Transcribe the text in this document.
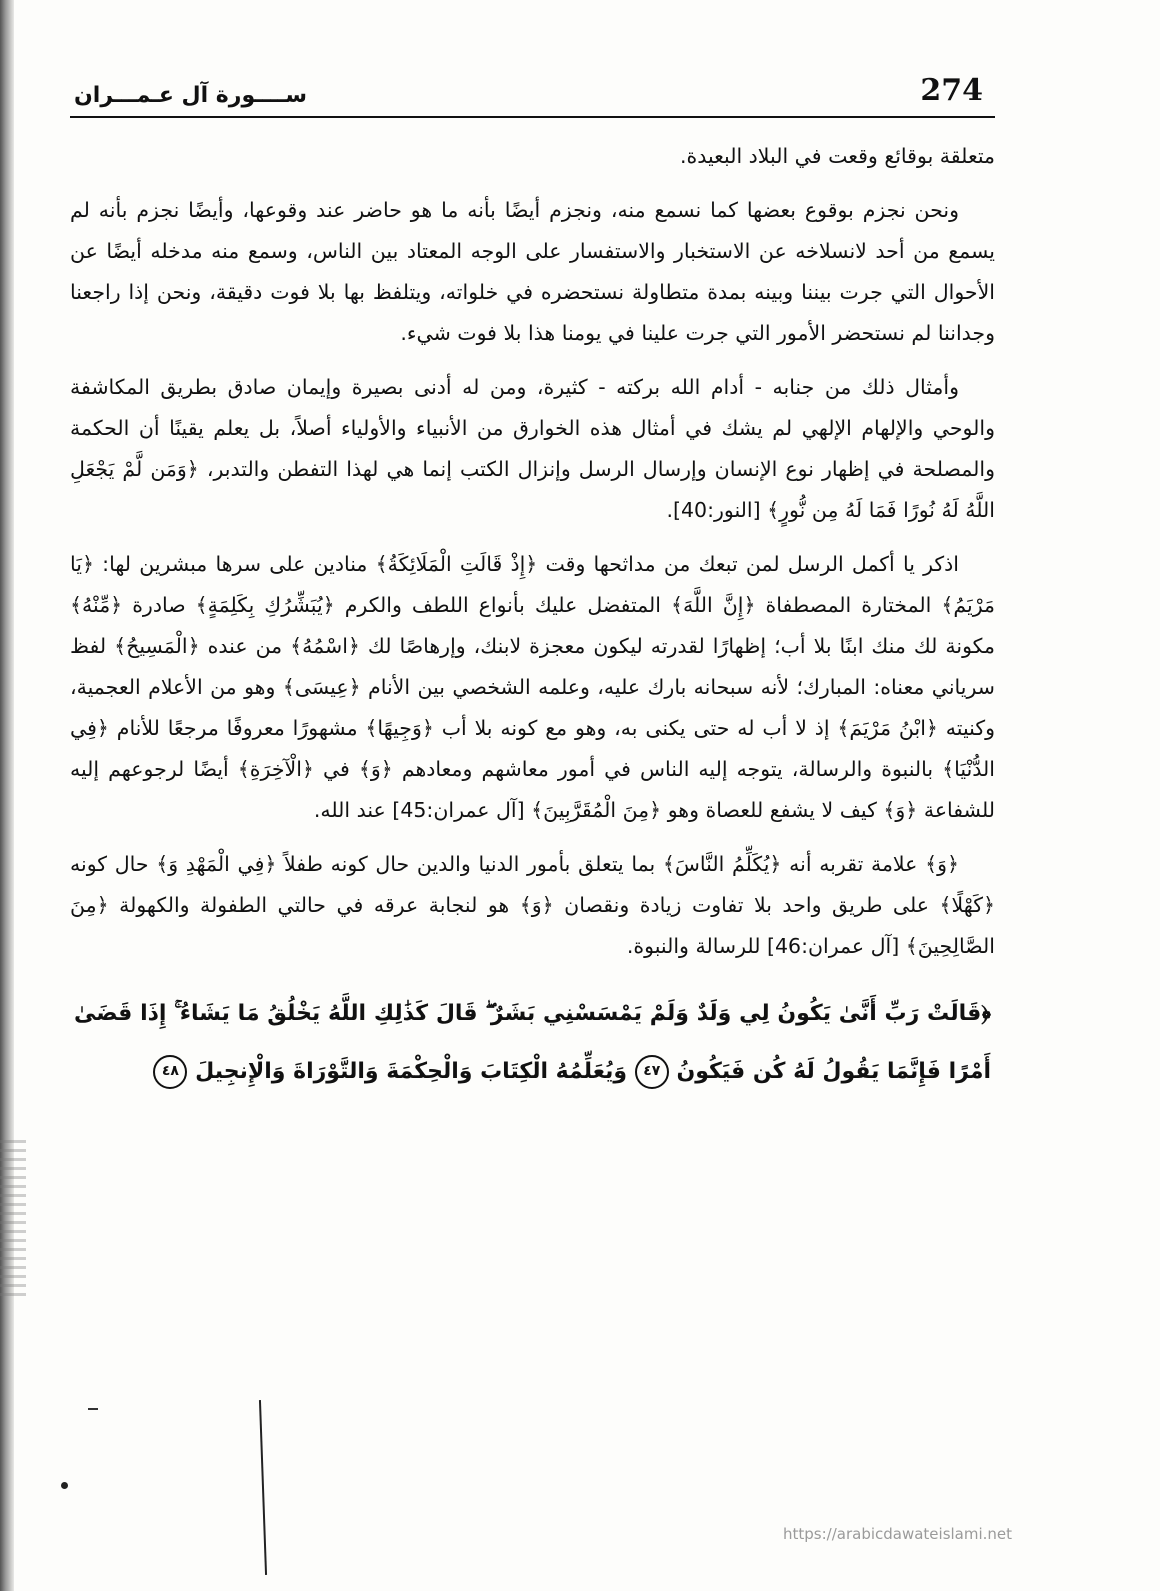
ســــورة آل عـمـــران	274

متعلقة بوقائع وقعت في البلاد البعيدة.

ونحن نجزم بوقوع بعضها كما نسمع منه، ونجزم أيضًا بأنه ما هو حاضر عند وقوعها، وأيضًا نجزم بأنه لم يسمع من أحد لانسلاخه عن الاستخبار والاستفسار على الوجه المعتاد بين الناس، وسمع منه مدخله أيضًا عن الأحوال التي جرت بيننا وبينه بمدة متطاولة نستحضره في خلواته، ويتلفظ بها بلا فوت دقيقة، ونحن إذا راجعنا وجداننا لم نستحضر الأمور التي جرت علينا في يومنا هذا بلا فوت شيء.

وأمثال ذلك من جنابه - أدام الله بركته - كثيرة، ومن له أدنى بصيرة وإيمان صادق بطريق المكاشفة والوحي والإلهام الإلهي لم يشك في أمثال هذه الخوارق من الأنبياء والأولياء أصلاً، بل يعلم يقينًا أن الحكمة والمصلحة في إظهار نوع الإنسان وإرسال الرسل وإنزال الكتب إنما هي لهذا التفطن والتدبر، ﴿وَمَن لَّمْ يَجْعَلِ اللَّهُ لَهُ نُورًا فَمَا لَهُ مِن نُّورٍ﴾ [النور:40].

اذكر يا أكمل الرسل لمن تبعك من مداثحها وقت ﴿إِذْ قَالَتِ الْمَلَائِكَةُ﴾ منادين على سرها مبشرين لها: ﴿يَا مَرْيَمُ﴾ المختارة المصطفاة ﴿إِنَّ اللَّهَ﴾ المتفضل عليك بأنواع اللطف والكرم ﴿يُبَشِّرُكِ بِكَلِمَةٍ﴾ صادرة ﴿مِّنْهُ﴾ مكونة لك منك ابنًا بلا أب؛ إظهارًا لقدرته ليكون معجزة لابنك، وإرهاصًا لك ﴿اسْمُهُ﴾ من عنده ﴿الْمَسِيحُ﴾ لفظ سرياني معناه: المبارك؛ لأنه سبحانه بارك عليه، وعلمه الشخصي بين الأنام ﴿عِيسَى﴾ وهو من الأعلام العجمية، وكنيته ﴿ابْنُ مَرْيَمَ﴾ إذ لا أب له حتى يكنى به، وهو مع كونه بلا أب ﴿وَجِيهًا﴾ مشهورًا معروفًا مرجعًا للأنام ﴿فِي الدُّنْيَا﴾ بالنبوة والرسالة، يتوجه إليه الناس في أمور معاشهم ومعادهم ﴿وَ﴾ في ﴿الْآخِرَةِ﴾ أيضًا لرجوعهم إليه للشفاعة ﴿وَ﴾ كيف لا يشفع للعصاة وهو ﴿مِنَ الْمُقَرَّبِينَ﴾ [آل عمران:45] عند الله.

﴿وَ﴾ علامة تقربه أنه ﴿يُكَلِّمُ النَّاسَ﴾ بما يتعلق بأمور الدنيا والدين حال كونه طفلاً ﴿فِي الْمَهْدِ وَ﴾ حال كونه ﴿كَهْلًا﴾ على طريق واحد بلا تفاوت زيادة ونقصان ﴿وَ﴾ هو لنجابة عرقه في حالتي الطفولة والكهولة ﴿مِنَ الصَّالِحِينَ﴾ [آل عمران:46] للرسالة والنبوة.

﴿قَالَتْ رَبِّ أَنَّىٰ يَكُونُ لِي وَلَدٌ وَلَمْ يَمْسَسْنِي بَشَرٌ ۖ قَالَ كَذَٰلِكِ اللَّهُ يَخْلُقُ مَا يَشَاءُ ۚ إِذَا قَضَىٰ أَمْرًا فَإِنَّمَا يَقُولُ لَهُ كُن فَيَكُونُ ٤٧ وَيُعَلِّمُهُ الْكِتَابَ وَالْحِكْمَةَ وَالتَّوْرَاةَ وَالْإِنجِيلَ ٤٨
https://arabicdawateislami.net
